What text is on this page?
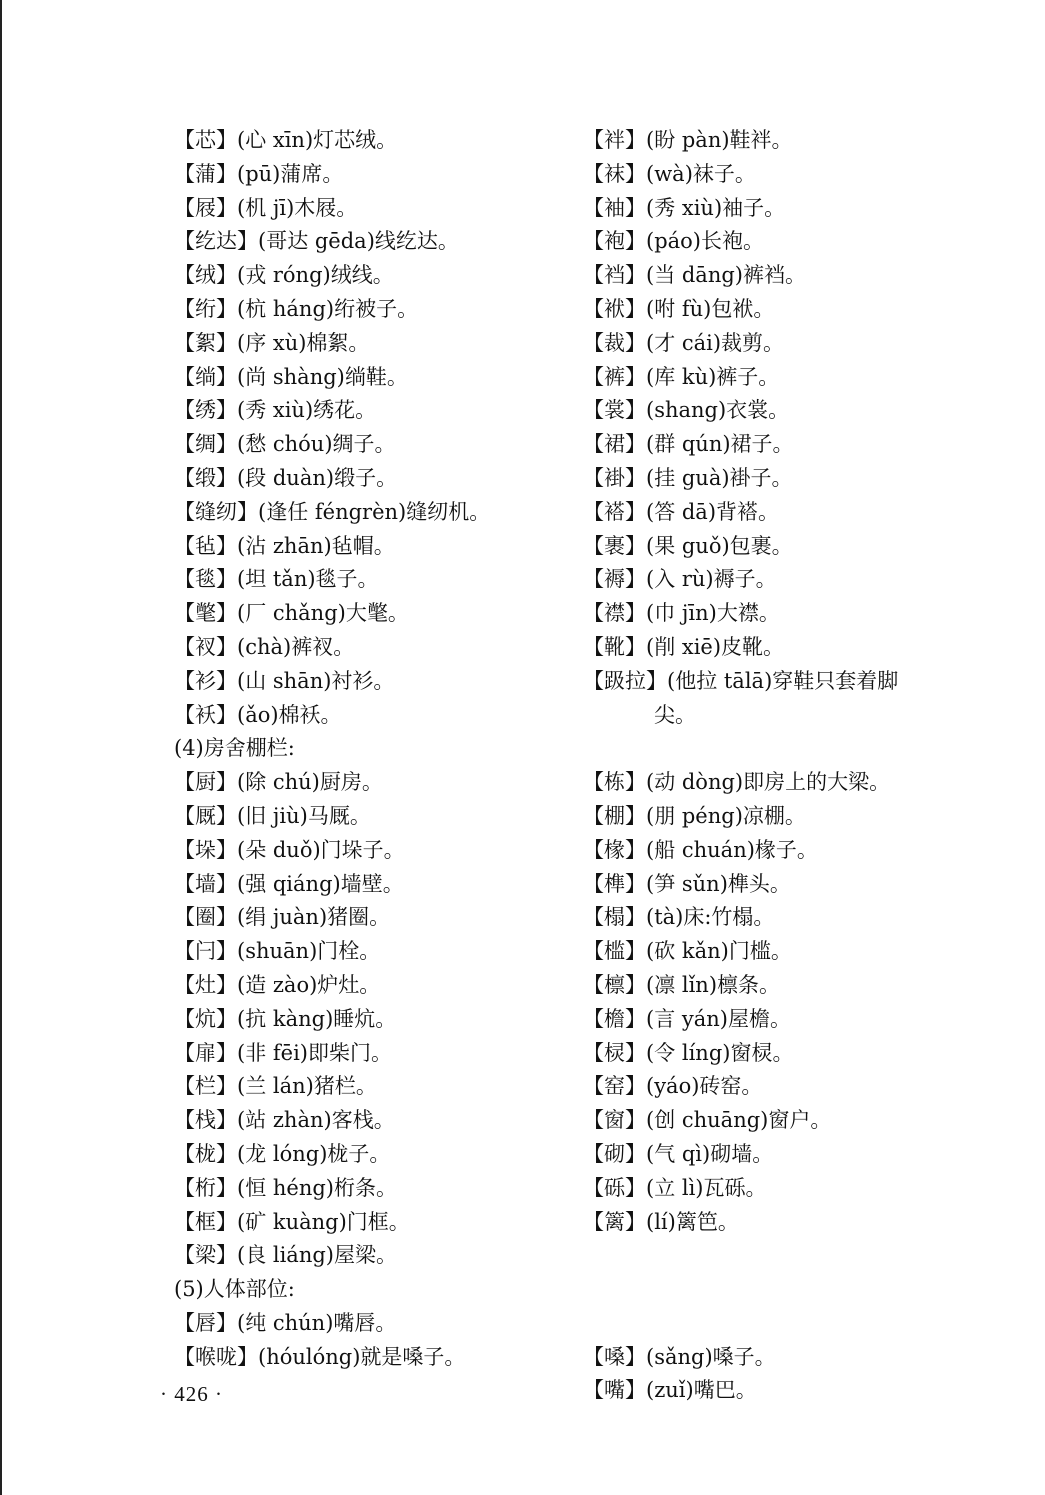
【芯】(心 xīn)灯芯绒。
【蒲】(pū)蒲席。
【屐】(机 jī)木屐。
【纥达】(哥达 gēda)线纥达。
【绒】(戎 róng)绒线。
【绗】(杭 háng)绗被子。
【絮】(序 xù)棉絮。
【绱】(尚 shàng)绱鞋。
【绣】(秀 xiù)绣花。
【绸】(愁 chóu)绸子。
【缎】(段 duàn)缎子。
【缝纫】(逢任 féngrèn)缝纫机。
【毡】(沾 zhān)毡帽。
【毯】(坦 tǎn)毯子。
【氅】(厂 chǎng)大氅。
【衩】(chà)裤衩。
【衫】(山 shān)衬衫。
【袄】(ǎo)棉袄。
(4)房舍棚栏:
【厨】(除 chú)厨房。
【厩】(旧 jiù)马厩。
【垛】(朵 duǒ)门垛子。
【墙】(强 qiáng)墙壁。
【圈】(绢 juàn)猪圈。
【闩】(shuān)门栓。
【灶】(造 zào)炉灶。
【炕】(抗 kàng)睡炕。
【扉】(非 fēi)即柴门。
【栏】(兰 lán)猪栏。
【栈】(站 zhàn)客栈。
【栊】(龙 lóng)栊子。
【桁】(恒 héng)桁条。
【框】(矿 kuàng)门框。
【梁】(良 liáng)屋梁。
(5)人体部位:
【唇】(纯 chún)嘴唇。
【喉咙】(hóulóng)就是嗓子。
【袢】(盼 pàn)鞋袢。
【袜】(wà)袜子。
【袖】(秀 xiù)袖子。
【袍】(páo)长袍。
【裆】(当 dāng)裤裆。
【袱】(咐 fù)包袱。
【裁】(才 cái)裁剪。
【裤】(库 kù)裤子。
【裳】(shang)衣裳。
【裙】(群 qún)裙子。
【褂】(挂 guà)褂子。
【褡】(答 dā)背褡。
【裹】(果 guǒ)包裹。
【褥】(入 rù)褥子。
【襟】(巾 jīn)大襟。
【靴】(削 xiē)皮靴。
【趿拉】(他拉 tālā)穿鞋只套着脚
尖。
【栋】(动 dòng)即房上的大梁。
【棚】(朋 péng)凉棚。
【椽】(船 chuán)椽子。
【榫】(笋 sǔn)榫头。
【榻】(tà)床:竹榻。
【槛】(砍 kǎn)门槛。
【檩】(凛 lǐn)檩条。
【檐】(言 yán)屋檐。
【棂】(令 líng)窗棂。
【窑】(yáo)砖窑。
【窗】(创 chuāng)窗户。
【砌】(气 qì)砌墙。
【砾】(立 lì)瓦砾。
【篱】(lí)篱笆。
【嗓】(sǎng)嗓子。
【嘴】(zuǐ)嘴巴。
· 426 ·
